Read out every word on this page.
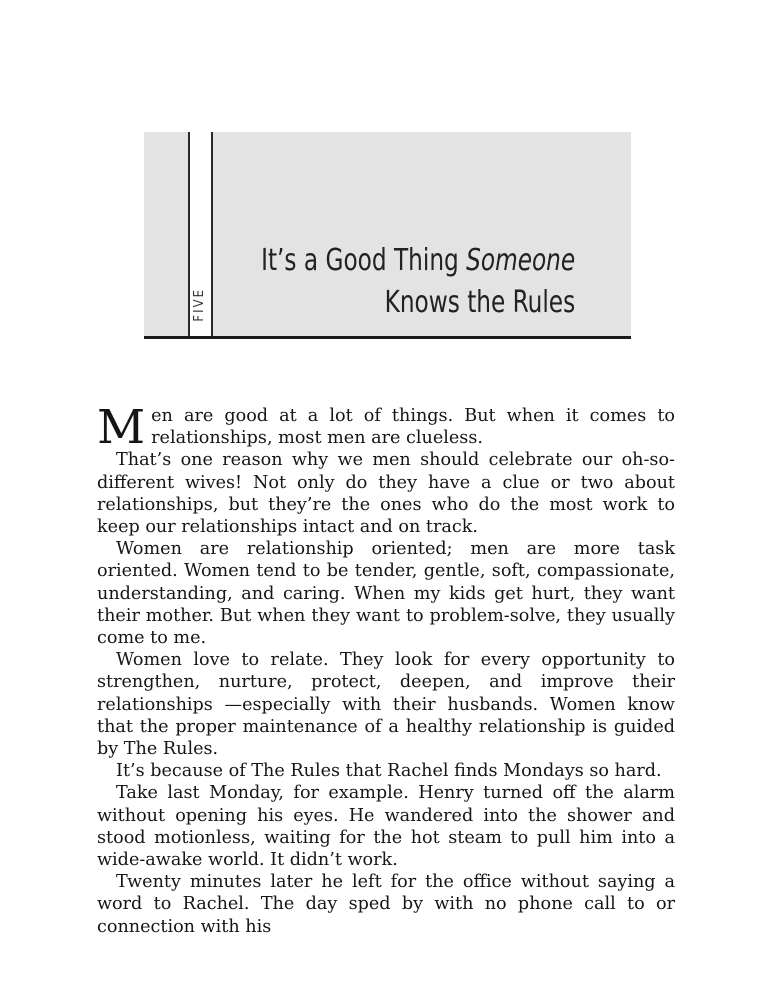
FIVE
It’s a Good Thing Someone
Knows the Rules

Men are good at a lot of things. But when it comes to relationships, most men are clueless.

That’s one reason why we men should celebrate our oh-so-different wives! Not only do they have a clue or two about relationships, but they’re the ones who do the most work to keep our relationships intact and on track.

Women are relationship oriented; men are more task oriented. Women tend to be tender, gentle, soft, compassionate, understanding, and caring. When my kids get hurt, they want their mother. But when they want to problem-solve, they usually come to me.

Women love to relate. They look for every opportunity to strengthen, nurture, protect, deepen, and improve their relationships —especially with their husbands. Women know that the proper maintenance of a healthy relationship is guided by The Rules.

It’s because of The Rules that Rachel finds Mondays so hard.

Take last Monday, for example. Henry turned off the alarm without opening his eyes. He wandered into the shower and stood motionless, waiting for the hot steam to pull him into a wide-awake world. It didn’t work.

Twenty minutes later he left for the office without saying a word to Rachel. The day sped by with no phone call to or connection with his
